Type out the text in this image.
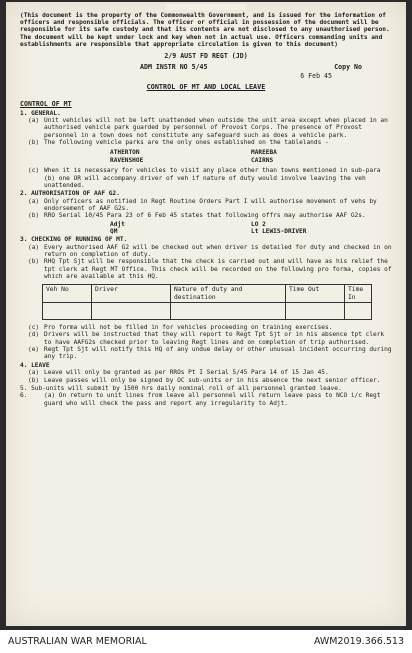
(This document is the property of the Commonwealth Government, and is issued for the information of officers and responsible officials. The officer or official in possession of the document will be responsible for its safe custody and that its contents are not disclosed to any unauthorised person. The document will be kept under lock and key when not in actual use. Officers commanding units and establishments are responsible that appropriate circulation is given to this document)
2/9 AUST FD REGT (JD)
ADM INSTR NO 5/45	Copy No
6 Feb 45
CONTROL OF MT AND LOCAL LEAVE
CONTROL OF MT
1. GENERAL.
(a) Unit vehicles will not be left unattended when outside the unit area except when placed in an authorised vehicle park guarded by personnel of Provost Corps. The presence of Provost personnel in a town does not constitute any safeguard such as does a vehicle park.
(b) The following vehicle parks are the only ones established on the tablelands -
ATHERTON	MAREEBA
RAVENSHOE	CAIRNS
(c) When it is necessary for vehicles to visit any place other than towns mentioned in sub-para (b) one OR will accompany driver of veh if nature of duty would involve leaving the veh unattended.
2. AUTHORISATION OF AAF G2.
(a) Only officers as notified in Regt Routine Orders Part I will authorise movement of vehs by endorsement of AAF G2s.
(b) RRO Serial 10/45 Para 23 of 6 Feb 45 states that following offrs may authorise AAF G2s.
Adjt	LO 2
QM	Lt LEWIS-DRIVER
3. CHECKING OF RUNNING OF MT.
(a) Every authorised AAF G2 will be checked out when driver is detailed for duty and checked in on return on completion of duty.
(b) RHQ Tpt Sjt will be responsible that the check is carried out and will have as his relief the tpt clerk at Regt MT Office. This check will be recorded on the following pro forma, copies of which are available at this HQ.
Veh No	Driver	Nature of duty and destination	Time Out	Time In

(c) Pro forma will not be filled in for vehicles proceeding on training exercises.
(d) Drivers will be instructed that they will report to Regt Tpt Sjt or in his absence tpt clerk to have AAFG2s checked prior to leaving Regt lines and on completion of trip authorised.
(e) Regt Tpt Sjt will notify this HQ of any undue delay or other unusual incident occurring during any trip.
4. LEAVE
(a) Leave will only be granted as per RROs Pt I Serial 5/45 Para 14 of 15 Jan 45.
(b) Leave passes will only be signed by OC sub-units or in his absence the next senior officer.
5. Sub-units will submit by 1500 hrs daily nominal roll of all personnel granted leave.
6.	(a) On return to unit lines from leave all personnel will return leave pass to NCO i/c Regt guard who will check the pass and report any irregularity to Adjt.
AUSTRALIAN WAR MEMORIAL	AWM2019.366.513
